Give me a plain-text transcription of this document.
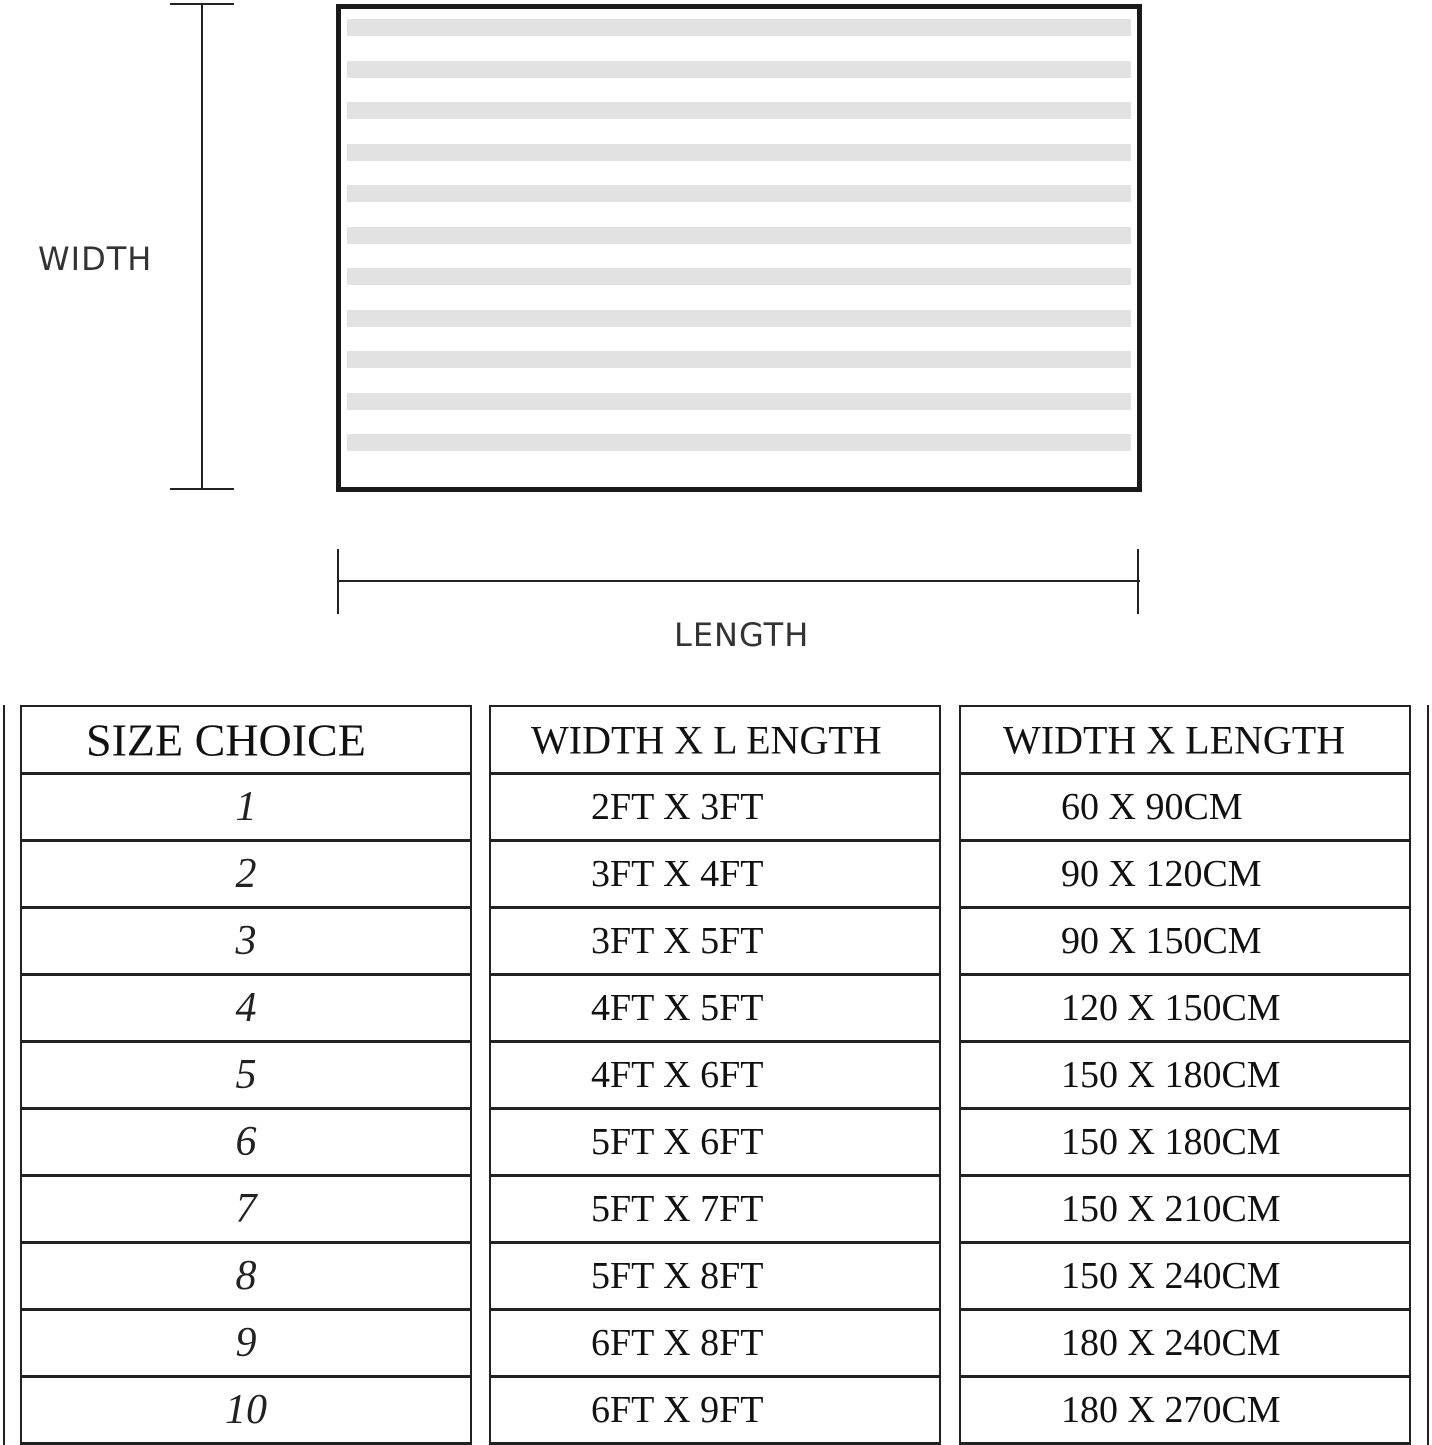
WIDTH
LENGTH
SIZE CHOICE
1
2
3
4
5
6
7
8
9
10
WIDTH X L ENGTH
2FT X 3FT
3FT X 4FT
3FT X 5FT
4FT X 5FT
4FT X 6FT
5FT X 6FT
5FT X 7FT
5FT X 8FT
6FT X 8FT
6FT X 9FT
WIDTH X LENGTH
60 X 90CM
90 X 120CM
90 X 150CM
120 X 150CM
150 X 180CM
150 X 180CM
150 X 210CM
150 X 240CM
180 X 240CM
180 X 270CM
